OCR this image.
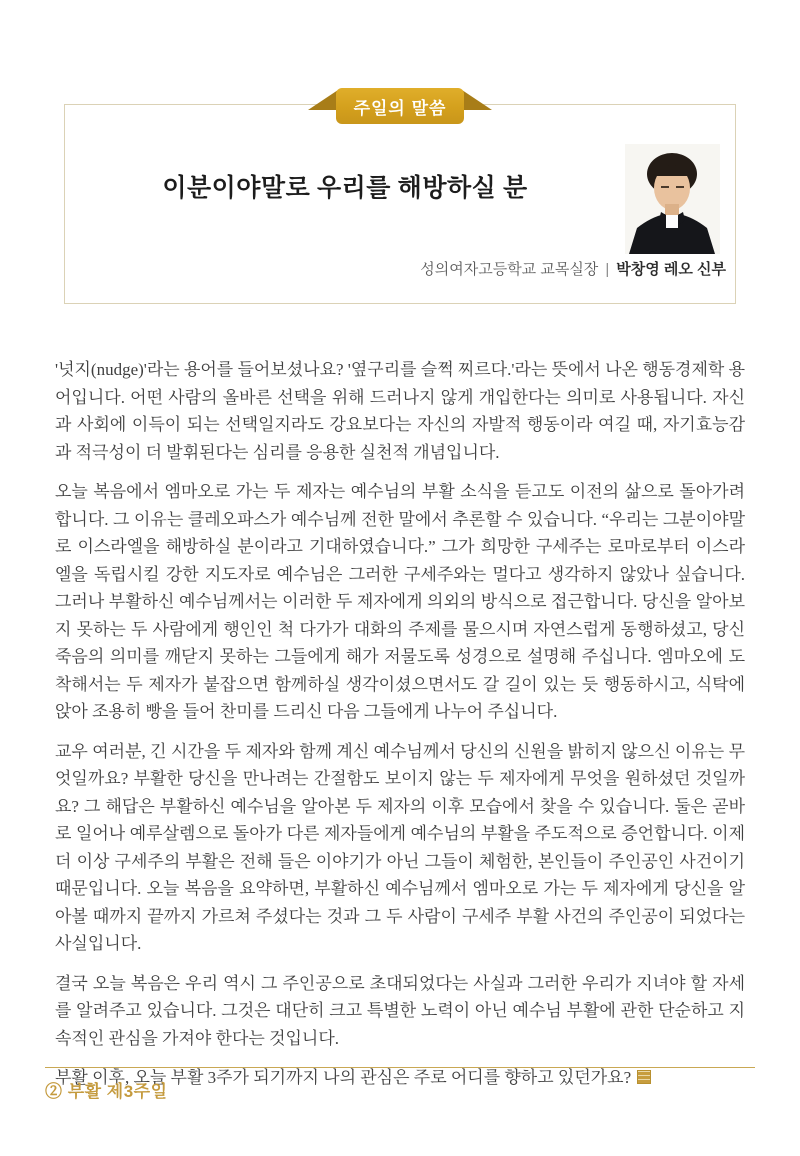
주일의 말씀
이분이야말로 우리를 해방하실 분
성의여자고등학교 교목실장 | 박창영 레오 신부

'넛지(nudge)'라는 용어를 들어보셨나요? '옆구리를 슬쩍 찌르다.'라는 뜻에서 나온 행동경제학 용어입니다. 어떤 사람의 올바른 선택을 위해 드러나지 않게 개입한다는 의미로 사용됩니다. 자신과 사회에 이득이 되는 선택일지라도 강요보다는 자신의 자발적 행동이라 여길 때, 자기효능감과 적극성이 더 발휘된다는 심리를 응용한 실천적 개념입니다.

오늘 복음에서 엠마오로 가는 두 제자는 예수님의 부활 소식을 듣고도 이전의 삶으로 돌아가려 합니다. 그 이유는 클레오파스가 예수님께 전한 말에서 추론할 수 있습니다. “우리는 그분이야말로 이스라엘을 해방하실 분이라고 기대하였습니다.” 그가 희망한 구세주는 로마로부터 이스라엘을 독립시킬 강한 지도자로 예수님은 그러한 구세주와는 멀다고 생각하지 않았나 싶습니다. 그러나 부활하신 예수님께서는 이러한 두 제자에게 의외의 방식으로 접근합니다. 당신을 알아보지 못하는 두 사람에게 행인인 척 다가가 대화의 주제를 물으시며 자연스럽게 동행하셨고, 당신 죽음의 의미를 깨닫지 못하는 그들에게 해가 저물도록 성경으로 설명해 주십니다. 엠마오에 도착해서는 두 제자가 붙잡으면 함께하실 생각이셨으면서도 갈 길이 있는 듯 행동하시고, 식탁에 앉아 조용히 빵을 들어 찬미를 드리신 다음 그들에게 나누어 주십니다.

교우 여러분, 긴 시간을 두 제자와 함께 계신 예수님께서 당신의 신원을 밝히지 않으신 이유는 무엇일까요? 부활한 당신을 만나려는 간절함도 보이지 않는 두 제자에게 무엇을 원하셨던 것일까요? 그 해답은 부활하신 예수님을 알아본 두 제자의 이후 모습에서 찾을 수 있습니다. 둘은 곧바로 일어나 예루살렘으로 돌아가 다른 제자들에게 예수님의 부활을 주도적으로 증언합니다. 이제 더 이상 구세주의 부활은 전해 들은 이야기가 아닌 그들이 체험한, 본인들이 주인공인 사건이기 때문입니다. 오늘 복음을 요약하면, 부활하신 예수님께서 엠마오로 가는 두 제자에게 당신을 알아볼 때까지 끝까지 가르쳐 주셨다는 것과 그 두 사람이 구세주 부활 사건의 주인공이 되었다는 사실입니다.

결국 오늘 복음은 우리 역시 그 주인공으로 초대되었다는 사실과 그러한 우리가 지녀야 할 자세를 알려주고 있습니다. 그것은 대단히 크고 특별한 노력이 아닌 예수님 부활에 관한 단순하고 지속적인 관심을 가져야 한다는 것입니다.

부활 이후, 오늘 부활 3주가 되기까지 나의 관심은 주로 어디를 향하고 있던가요?

② 부활 제3주일
